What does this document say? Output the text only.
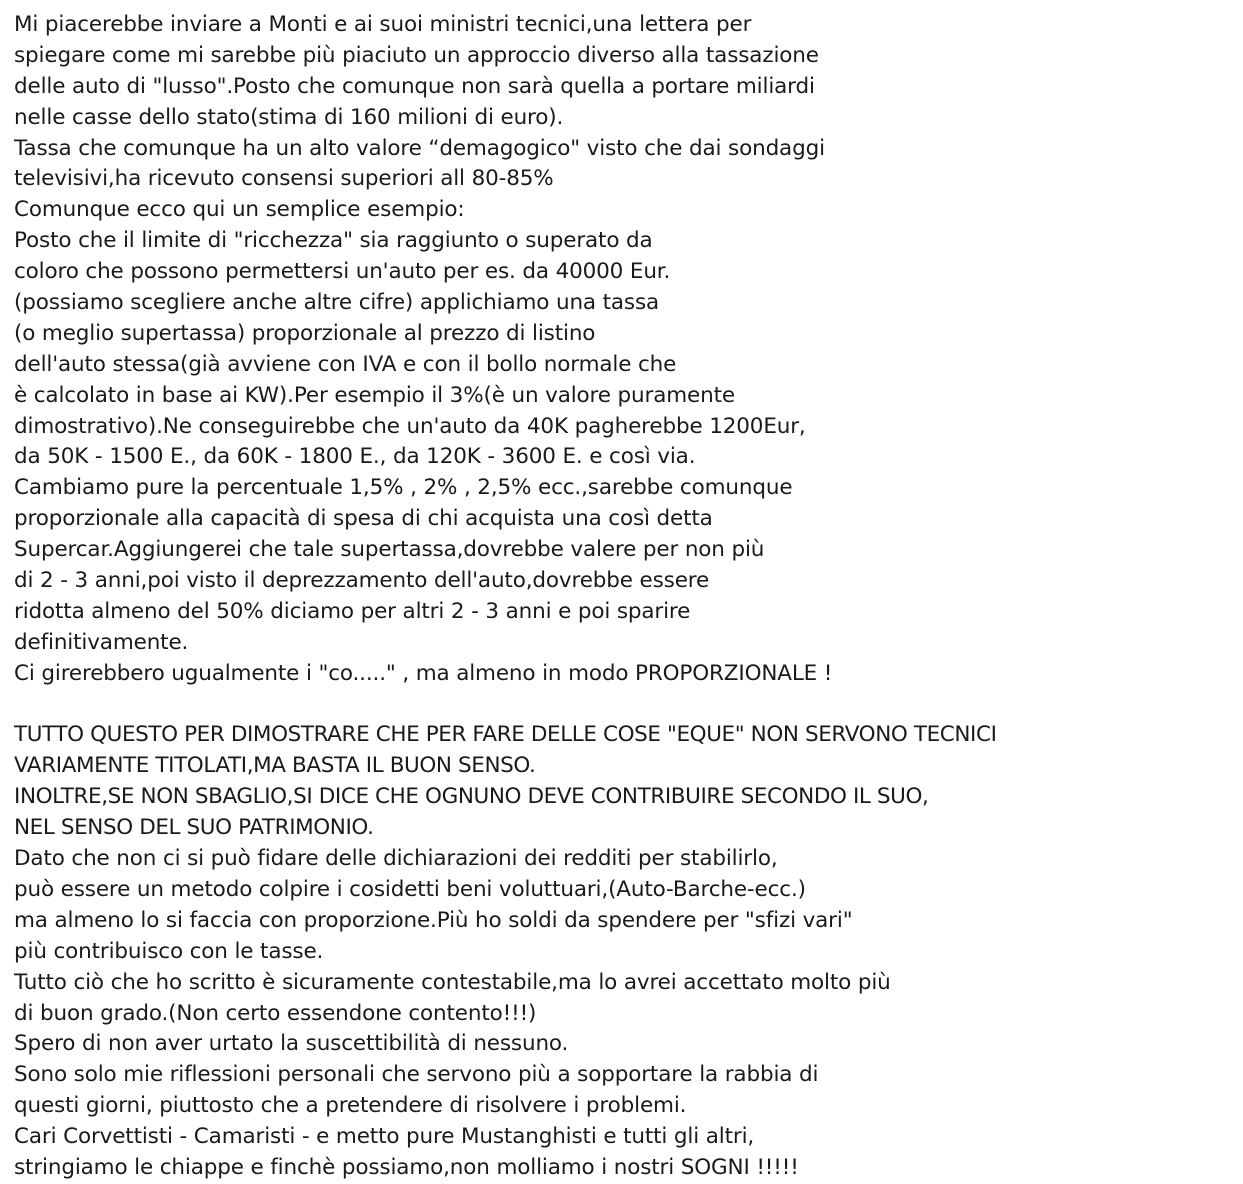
Mi piacerebbe inviare a Monti e ai suoi ministri tecnici,una lettera per
spiegare come mi sarebbe più piaciuto un approccio diverso alla tassazione
delle auto di "lusso".Posto che comunque non sarà quella a portare miliardi
nelle casse dello stato(stima di 160 milioni di euro).
Tassa che comunque ha un alto valore “demagogico" visto che dai sondaggi
televisivi,ha ricevuto consensi superiori all 80-85%
Comunque ecco qui un semplice esempio:
Posto che il limite di "ricchezza" sia raggiunto o superato da
coloro che possono permettersi un'auto per es. da 40000 Eur.
(possiamo scegliere anche altre cifre) applichiamo una tassa
(o meglio supertassa) proporzionale al prezzo di listino
dell'auto stessa(già avviene con IVA e con il bollo normale che
è calcolato in base ai KW).Per esempio il 3%(è un valore puramente
dimostrativo).Ne conseguirebbe che un'auto da 40K pagherebbe 1200Eur,
da 50K - 1500 E., da 60K - 1800 E., da 120K - 3600 E. e così via.
Cambiamo pure la percentuale 1,5% , 2% , 2,5% ecc.,sarebbe comunque
proporzionale alla capacità di spesa di chi acquista una così detta
Supercar.Aggiungerei che tale supertassa,dovrebbe valere per non più
di 2 - 3 anni,poi visto il deprezzamento dell'auto,dovrebbe essere
ridotta almeno del 50% diciamo per altri 2 - 3 anni e poi sparire
definitivamente.
Ci girerebbero ugualmente i "co....." , ma almeno in modo PROPORZIONALE !
TUTTO QUESTO PER DIMOSTRARE CHE PER FARE DELLE COSE "EQUE" NON SERVONO TECNICI
VARIAMENTE TITOLATI,MA BASTA IL BUON SENSO.
INOLTRE,SE NON SBAGLIO,SI DICE CHE OGNUNO DEVE CONTRIBUIRE SECONDO IL SUO,
NEL SENSO DEL SUO PATRIMONIO.
Dato che non ci si può fidare delle dichiarazioni dei redditi per stabilirlo,
può essere un metodo colpire i cosidetti beni voluttuari,(Auto-Barche-ecc.)
ma almeno lo si faccia con proporzione.Più ho soldi da spendere per "sfizi vari"
più contribuisco con le tasse.
Tutto ciò che ho scritto è sicuramente contestabile,ma lo avrei accettato molto più
di buon grado.(Non certo essendone contento!!!)
Spero di non aver urtato la suscettibilità di nessuno.
Sono solo mie riflessioni personali che servono più a sopportare la rabbia di
questi giorni, piuttosto che a pretendere di risolvere i problemi.
Cari Corvettisti - Camaristi - e metto pure Mustanghisti e tutti gli altri,
stringiamo le chiappe e finchè possiamo,non molliamo i nostri SOGNI !!!!!
